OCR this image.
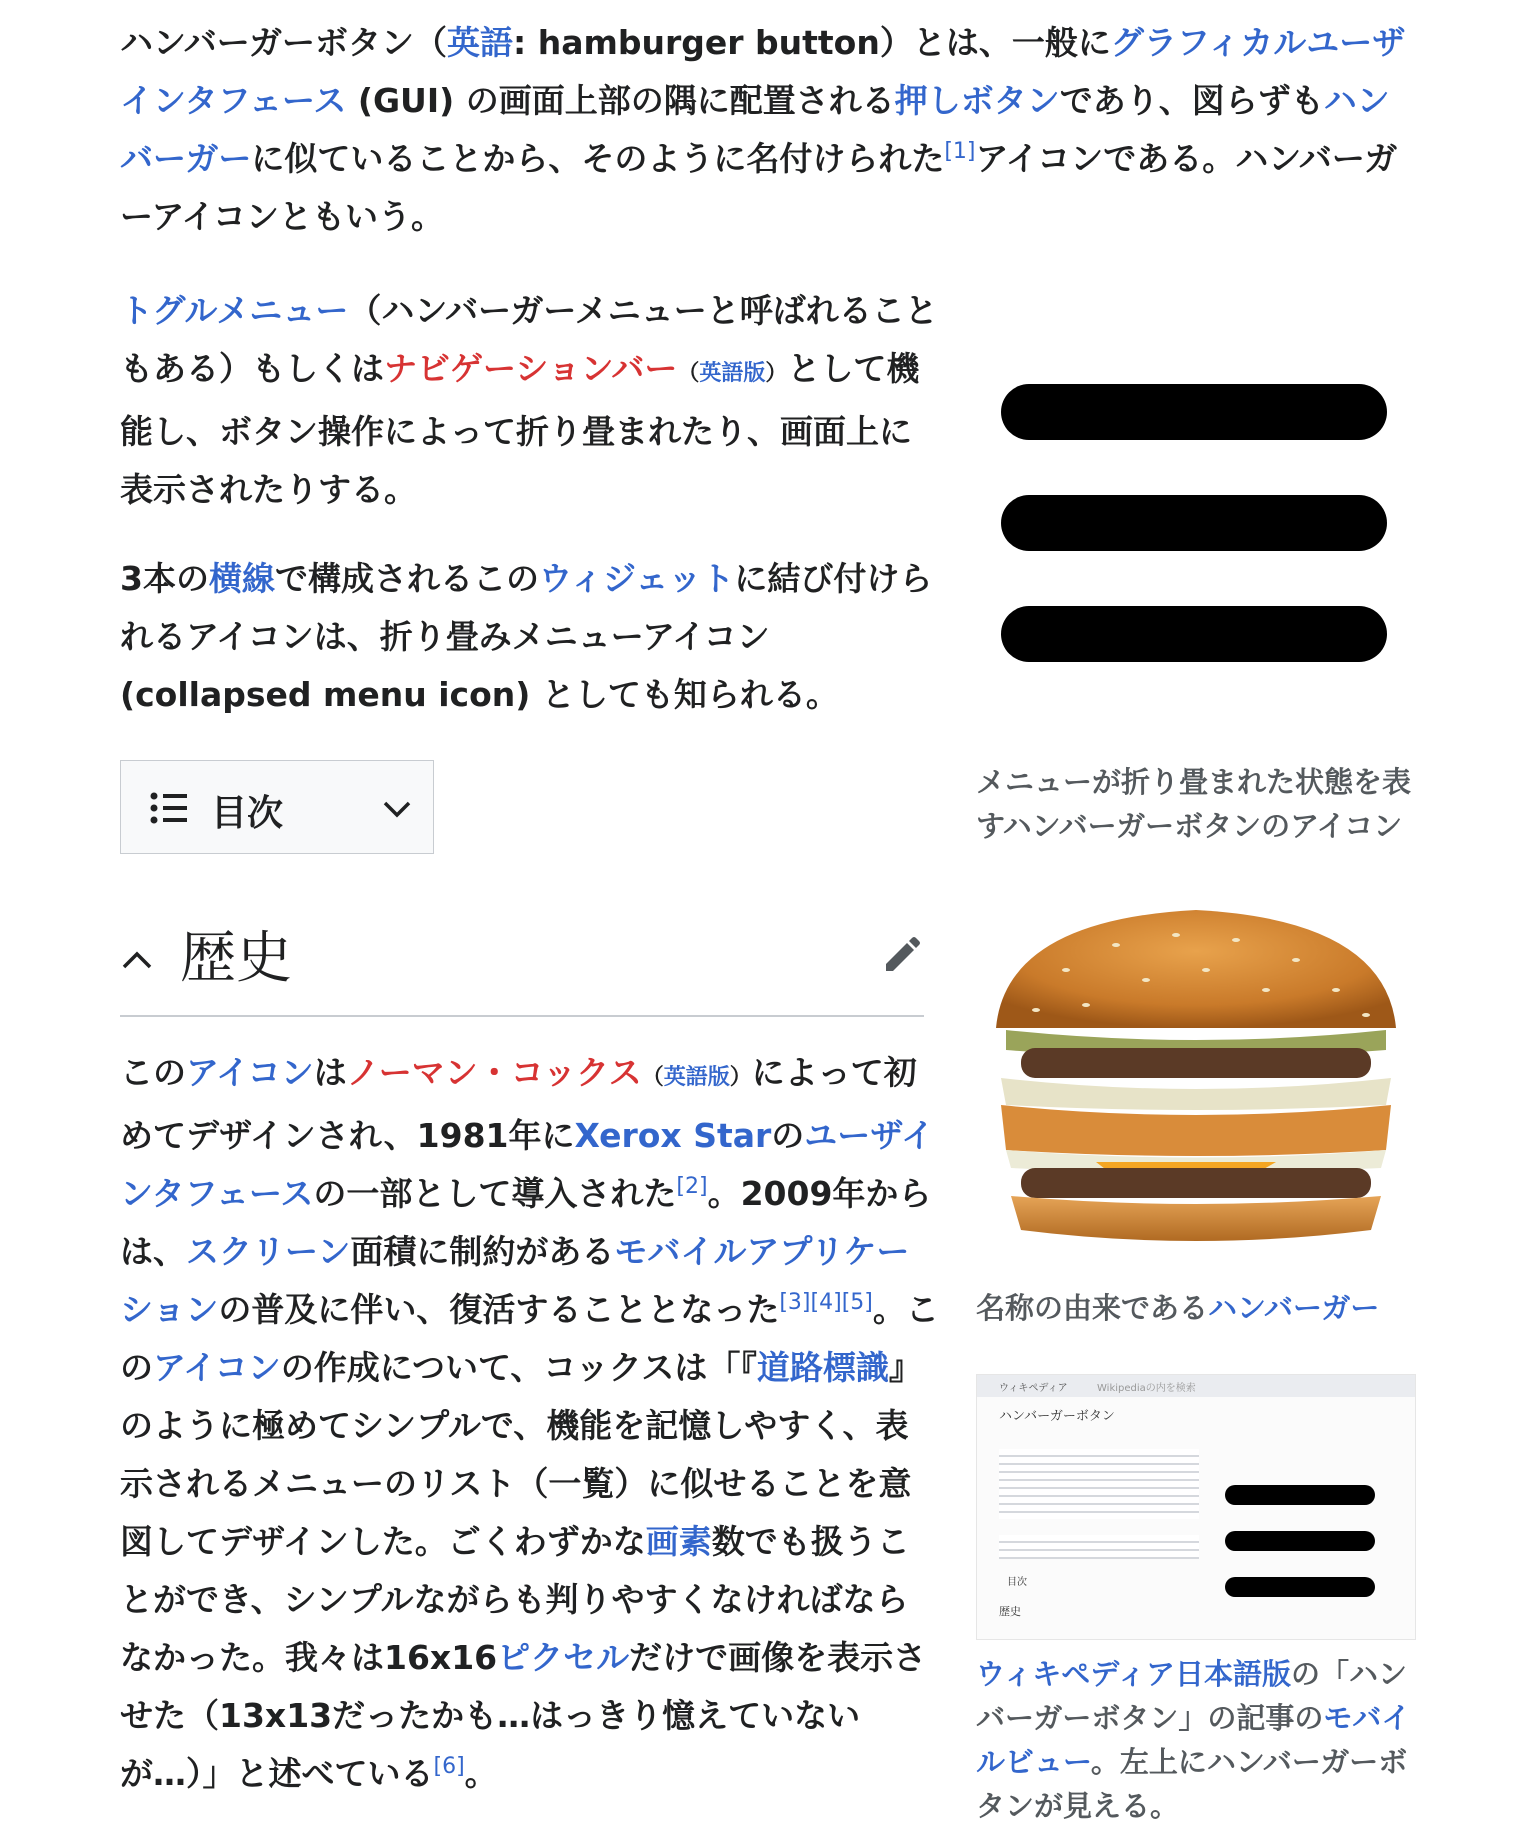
ハンバーガーボタン（英語: hamburger button）とは、一般にグラフィカルユーザインタフェース (GUI) の画面上部の隅に配置される押しボタンであり、図らずもハンバーガーに似ていることから、そのように名付けられた[1]アイコンである。ハンバーガーアイコンともいう。
トグルメニュー（ハンバーガーメニューと呼ばれることもある）もしくはナビゲーションバー（英語版）として機能し、ボタン操作によって折り畳まれたり、画面上に表示されたりする。
3本の横線で構成されるこのウィジェットに結び付けられるアイコンは、折り畳みメニューアイコン (collapsed menu icon) としても知られる。
目次
歴史
このアイコンはノーマン・コックス（英語版）によって初めてデザインされ、1981年にXerox Starのユーザインタフェースの一部として導入された[2]。2009年からは、スクリーン面積に制約があるモバイルアプリケーションの普及に伴い、復活することとなった[3][4][5]。このアイコンの作成について、コックスは「『道路標識』のように極めてシンプルで、機能を記憶しやすく、表示されるメニューのリスト（一覧）に似せることを意図してデザインした。ごくわずかな画素数でも扱うことができ、シンプルながらも判りやすくなければならなかった。我々は16x16ピクセルだけで画像を表示させた（13x13だったかも…はっきり憶えていないが…）」と述べている[6]。
メニューが折り畳まれた状態を表すハンバーガーボタンのアイコン
名称の由来であるハンバーガー
ウィキペディア	Wikipediaの内を検索
ハンバーガーボタン
目次
歴史
ウィキペディア日本語版の「ハンバーガーボタン」の記事のモバイルビュー。左上にハンバーガーボタンが見える。
